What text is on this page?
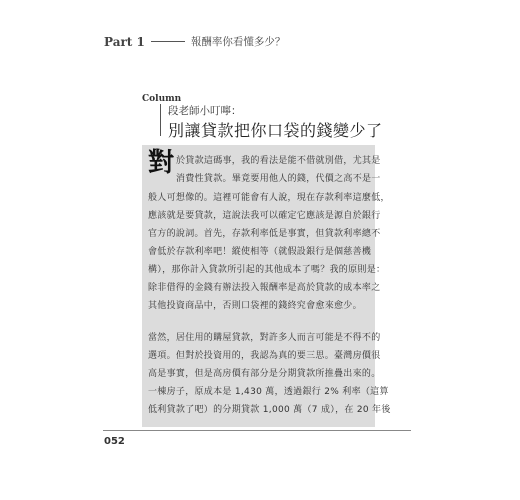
Part 1	報酬率你看懂多少？
Column
段老師小叮嚀：
別讓貸款把你口袋的錢變少了
對 於貸款這碼事，我的看法是能不借就別借，尤其是
消費性貸款。畢竟要用他人的錢，代價之高不是一
般人可想像的。這裡可能會有人說，現在存款利率這麼低，
應該就是要貸款，這說法我可以確定它應該是源自於銀行
官方的說詞。首先，存款利率低是事實，但貸款利率總不
會低於存款利率吧！縱使相等（就假設銀行是個慈善機
構），那你計入貸款所引起的其他成本了嗎？我的原則是：
除非借得的金錢有辦法投入報酬率是高於貸款的成本率之
其他投資商品中，否則口袋裡的錢終究會愈來愈少。
當然，居住用的購屋貸款，對許多人而言可能是不得不的
選項。但對於投資用的，我認為真的要三思。臺灣房價很
高是事實，但是高房價有部分是分期貸款所推疊出來的。
一棟房子，原成本是 1,430 萬，透過銀行 2% 利率（這算
低利貸款了吧）的分期貸款 1,000 萬（7 成），在 20 年後
052
